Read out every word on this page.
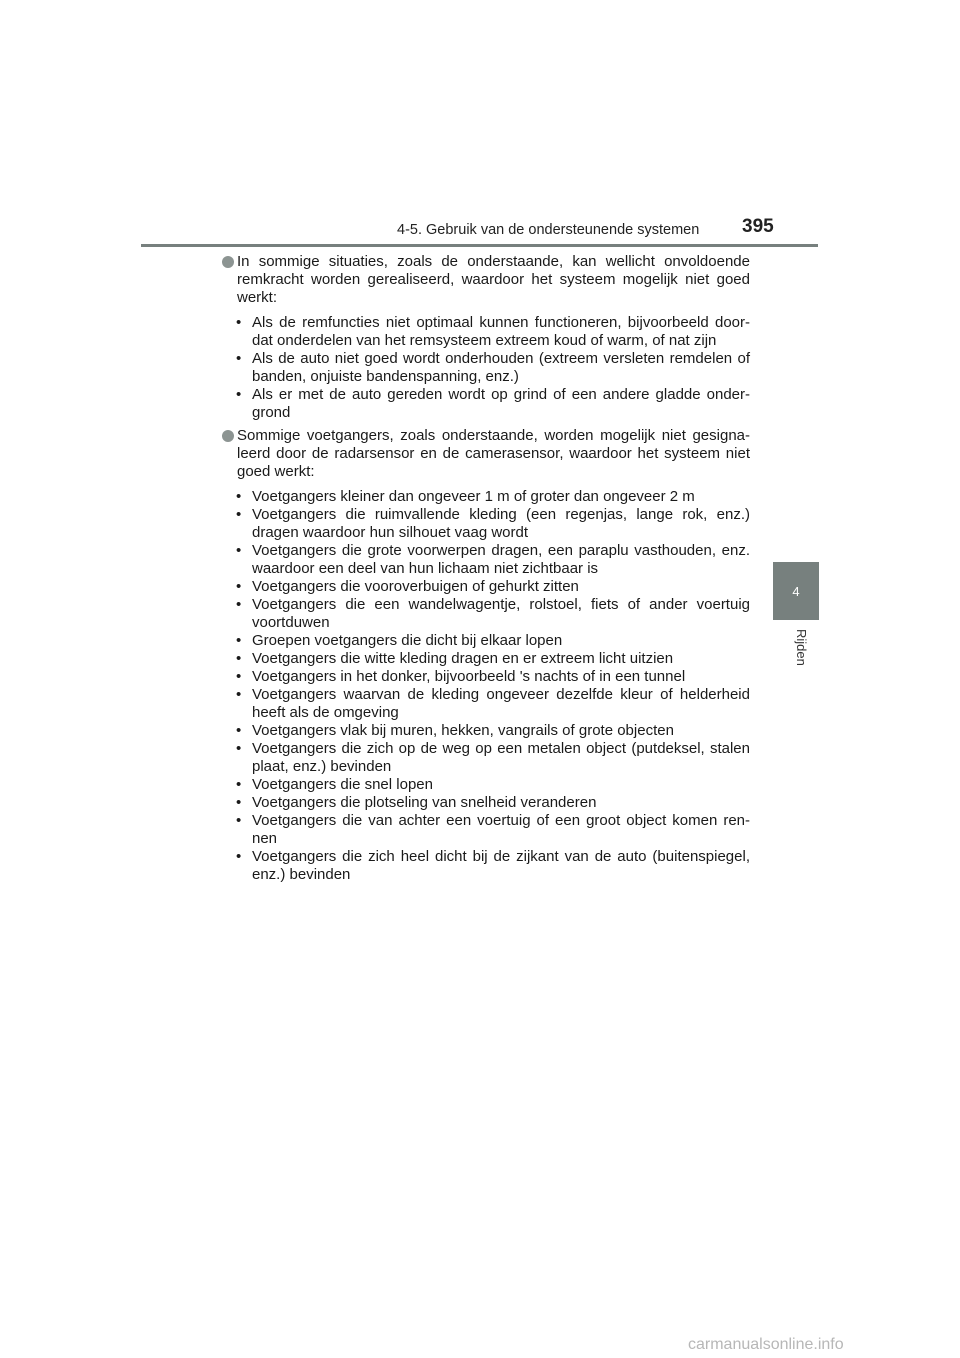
4-5. Gebruik van de ondersteunende systemen 395
4
Rijden
In sommige situaties, zoals de onderstaande, kan wellicht onvoldoende remkracht worden gerealiseerd, waardoor het systeem mogelijk niet goed werkt:
• Als de remfuncties niet optimaal kunnen functioneren, bijvoorbeeld door-dat onderdelen van het remsysteem extreem koud of warm, of nat zijn
• Als de auto niet goed wordt onderhouden (extreem versleten remdelen of banden, onjuiste bandenspanning, enz.)
• Als er met de auto gereden wordt op grind of een andere gladde onder-grond
Sommige voetgangers, zoals onderstaande, worden mogelijk niet gesigna-leerd door de radarsensor en de camerasensor, waardoor het systeem niet goed werkt:
• Voetgangers kleiner dan ongeveer 1 m of groter dan ongeveer 2 m
• Voetgangers die ruimvallende kleding (een regenjas, lange rok, enz.) dragen waardoor hun silhouet vaag wordt
• Voetgangers die grote voorwerpen dragen, een paraplu vasthouden, enz. waardoor een deel van hun lichaam niet zichtbaar is
• Voetgangers die vooroverbuigen of gehurkt zitten
• Voetgangers die een wandelwagentje, rolstoel, fiets of ander voertuig voortduwen
• Groepen voetgangers die dicht bij elkaar lopen
• Voetgangers die witte kleding dragen en er extreem licht uitzien
• Voetgangers in het donker, bijvoorbeeld 's nachts of in een tunnel
• Voetgangers waarvan de kleding ongeveer dezelfde kleur of helderheid heeft als de omgeving
• Voetgangers vlak bij muren, hekken, vangrails of grote objecten
• Voetgangers die zich op de weg op een metalen object (putdeksel, stalen plaat, enz.) bevinden
• Voetgangers die snel lopen
• Voetgangers die plotseling van snelheid veranderen
• Voetgangers die van achter een voertuig of een groot object komen ren-nen
• Voetgangers die zich heel dicht bij de zijkant van de auto (buitenspiegel, enz.) bevinden
carmanualsonline.info
